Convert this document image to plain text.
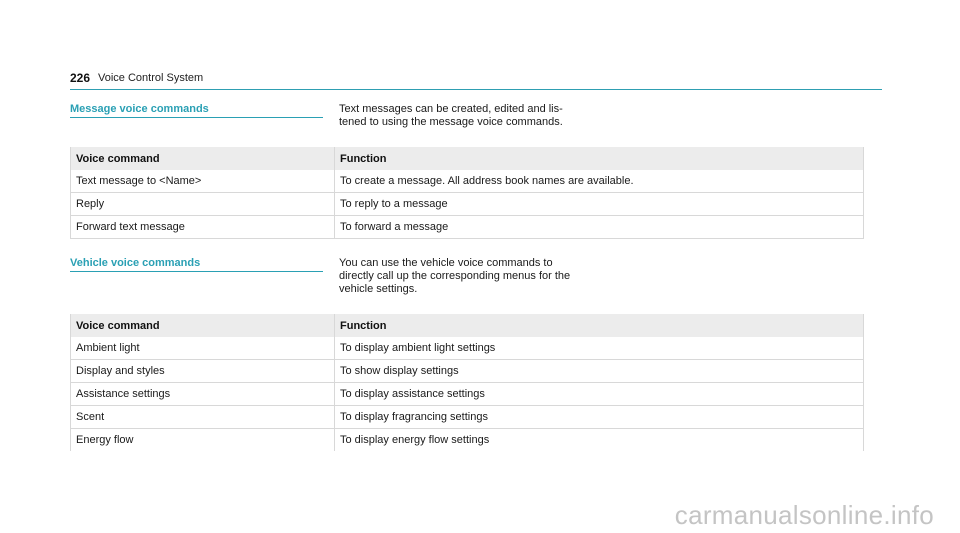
226 Voice Control System
Message voice commands	Text messages can be created, edited and lis-
tened to using the message voice commands.
Voice command	Function
Text message to <Name>	To create a message. All address book names are available.
Reply	To reply to a message
Forward text message	To forward a message
Vehicle voice commands	You can use the vehicle voice commands to
directly call up the corresponding menus for the
vehicle settings.
Voice command	Function
Ambient light	To display ambient light settings
Display and styles	To show display settings
Assistance settings	To display assistance settings
Scent	To display fragrancing settings
Energy flow	To display energy flow settings
carmanualsonline.info
